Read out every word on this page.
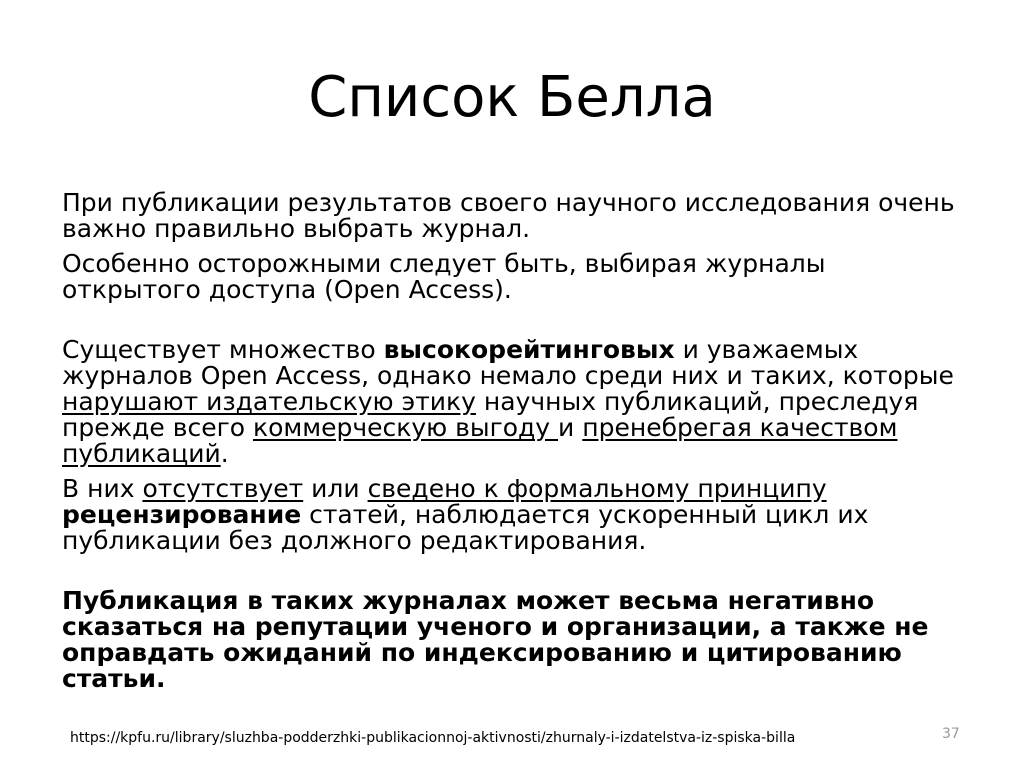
Список Белла

При публикации результатов своего научного исследования очень важно правильно выбрать журнал.

Особенно осторожными следует быть, выбирая журналы открытого доступа (Open Access).

Существует множество высокорейтинговых и уважаемых журналов Open Access, однако немало среди них и таких, которые нарушают издательскую этику научных публикаций, преследуя прежде всего коммерческую выгоду и пренебрегая качеством публикаций.

В них отсутствует или сведено к формальному принципу
рецензирование статей, наблюдается ускоренный цикл их публикации без должного редактирования.

Публикация в таких журналах может весьма негативно сказаться на репутации ученого и организации, а также не оправдать ожиданий по индексированию и цитированию статьи.

https://kpfu.ru/library/sluzhba-podderzhki-publikacionnoj-aktivnosti/zhurnaly-i-izdatelstva-iz-spiska-billa	37
